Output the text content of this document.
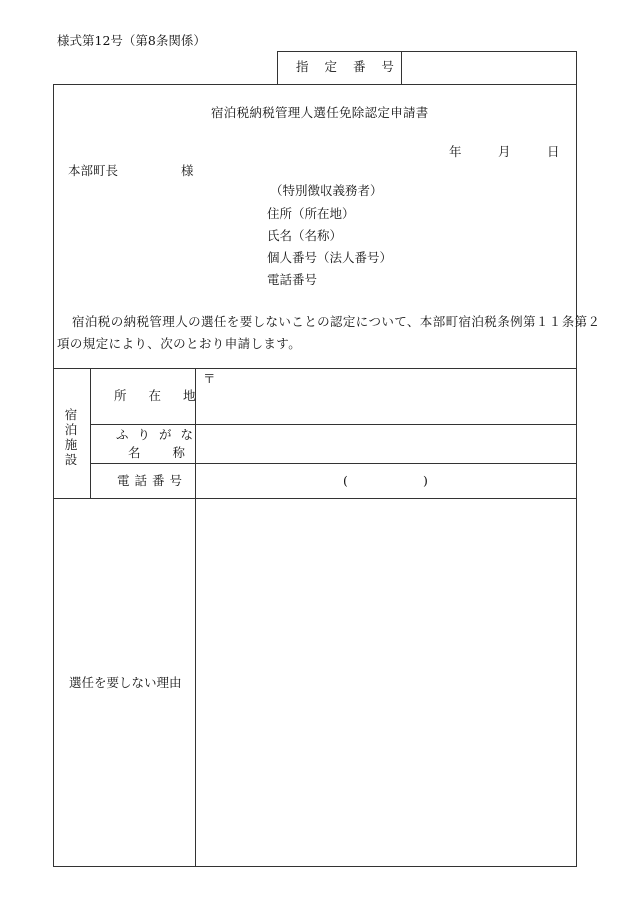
様式第12号（第8条関係）
指 定 番 号
宿泊税納税管理人選任免除認定申請書
年	月	日
本部町長	様
（特別徴収義務者）
住所（所在地）
氏名（名称）
個人番号（法人番号）
電話番号
宿泊税の納税管理人の選任を要しないことの認定について、本部町宿泊税条例第１１条第２
項の規定により、次のとおり申請します。
宿泊施設
所 在 地
〒
ふりがな
名 称
電話番号	(	)
選任を要しない理由
